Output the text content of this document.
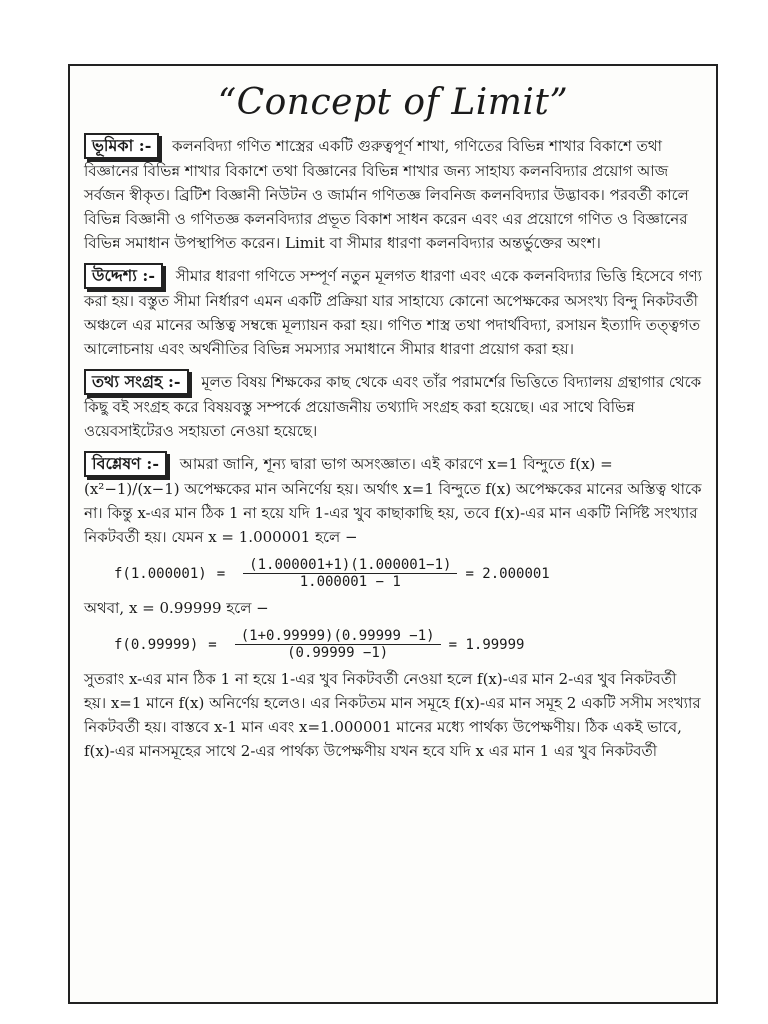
“Concept of Limit”
ভূমিকা :- কলনবিদ্যা গণিত শাস্ত্রের একটি গুরুত্বপূর্ণ শাখা, গণিতের বিভিন্ন শাখার বিকাশে তথা বিজ্ঞানের বিভিন্ন শাখার বিকাশে তথা বিজ্ঞানের বিভিন্ন শাখার জন্য সাহায্য কলনবিদ্যার প্রয়োগ আজ সর্বজন স্বীকৃত। ব্রিটিশ বিজ্ঞানী নিউটন ও জার্মান গণিতজ্ঞ লিবনিজ কলনবিদ্যার উদ্ভাবক। পরবর্তী কালে বিভিন্ন বিজ্ঞানী ও গণিতজ্ঞ কলনবিদ্যার প্রভূত বিকাশ সাধন করেন এবং এর প্রয়োগে গণিত ও বিজ্ঞানের বিভিন্ন সমাধান উপস্থাপিত করেন। Limit বা সীমার ধারণা কলনবিদ্যার অন্তর্ভুক্তের অংশ।
উদ্দেশ্য :- সীমার ধারণা গণিতে সম্পূর্ণ নতুন মূলগত ধারণা এবং একে কলনবিদ্যার ভিত্তি হিসেবে গণ্য করা হয়। বস্তুত সীমা নির্ধারণ এমন একটি প্রক্রিয়া যার সাহায্যে কোনো অপেক্ষকের অসংখ্য বিন্দু নিকটবর্তী অঞ্চলে এর মানের অস্তিত্ব সম্বন্ধে মূল্যায়ন করা হয়। গণিত শাস্ত্র তথা পদার্থবিদ্যা, রসায়ন ইত্যাদি তত্ত্বগত আলোচনায় এবং অর্থনীতির বিভিন্ন সমস্যার সমাধানে সীমার ধারণা প্রয়োগ করা হয়।
তথ্য সংগ্রহ :- মূলত বিষয় শিক্ষকের কাছ থেকে এবং তাঁর পরামর্শের ভিত্তিতে বিদ্যালয় গ্রন্থাগার থেকে কিছু বই সংগ্রহ করে বিষয়বস্তু সম্পর্কে প্রয়োজনীয় তথ্যাদি সংগ্রহ করা হয়েছে। এর সাথে বিভিন্ন ওয়েবসাইটেরও সহায়তা নেওয়া হয়েছে।
বিশ্লেষণ :- আমরা জানি, শূন্য দ্বারা ভাগ অসংজ্ঞাত। এই কারণে x=1 বিন্দুতে f(x) = (x²−1)/(x−1) অপেক্ষকের মান অনির্ণেয় হয়। অর্থাৎ x=1 বিন্দুতে f(x) অপেক্ষকের মানের অস্তিত্ব থাকে না। কিন্তু x-এর মান ঠিক 1 না হয়ে যদি 1-এর খুব কাছাকাছি হয়, তবে f(x)-এর মান একটি নির্দিষ্ট সংখ্যার নিকটবর্তী হয়। যেমন x = 1.000001 হলে −
$f(1.000001) = \frac{(1.000001+1)(1.000001-1)}{1.000001 - 1} = 2.000001$
অথবা, x = 0.99999 হলে −
$f(0.99999) = \frac{(1+0.99999)(0.99999 -1)}{(0.99999 -1)} = 1.99999$
সুতরাং x-এর মান ঠিক 1 না হয়ে 1-এর খুব নিকটবর্তী নেওয়া হলে f(x)-এর মান 2-এর খুব নিকটবর্তী হয়। x=1 মানে f(x) অনির্ণেয় হলেও। এর নিকটতম মান সমূহে f(x)-এর মান সমূহ 2 একটি সসীম সংখ্যার নিকটবর্তী হয়। বাস্তবে x-1 মান এবং x=1.000001 মানের মধ্যে পার্থক্য উপেক্ষণীয়। ঠিক একই ভাবে, f(x)-এর মানসমূহের সাথে 2-এর পার্থক্য উপেক্ষণীয় যখন হবে যদি x এর মান 1 এর খুব নিকটবর্তী
